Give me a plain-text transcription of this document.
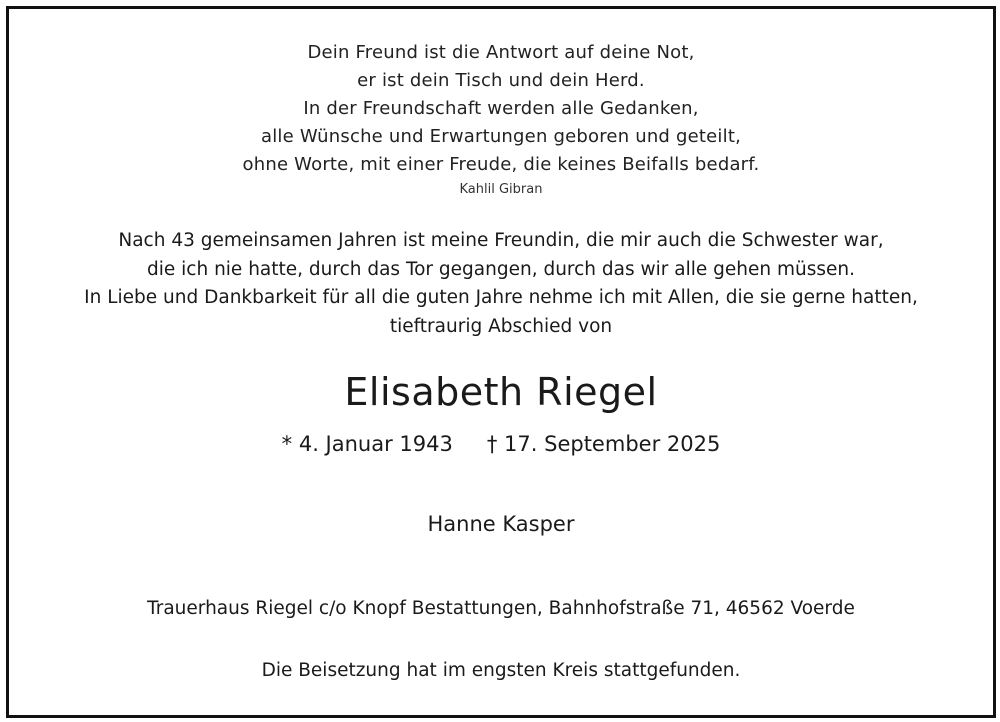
Dein Freund ist die Antwort auf deine Not,
er ist dein Tisch und dein Herd.
In der Freundschaft werden alle Gedanken,
alle Wünsche und Erwartungen geboren und geteilt,
ohne Worte, mit einer Freude, die keines Beifalls bedarf.
Kahlil Gibran
Nach 43 gemeinsamen Jahren ist meine Freundin, die mir auch die Schwester war,
die ich nie hatte, durch das Tor gegangen, durch das wir alle gehen müssen.
In Liebe und Dankbarkeit für all die guten Jahre nehme ich mit Allen, die sie gerne hatten,
tieftraurig Abschied von
Elisabeth Riegel
* 4. Januar 1943 † 17. September 2025
Hanne Kasper
Trauerhaus Riegel c/o Knopf Bestattungen, Bahnhofstraße 71, 46562 Voerde
Die Beisetzung hat im engsten Kreis stattgefunden.
